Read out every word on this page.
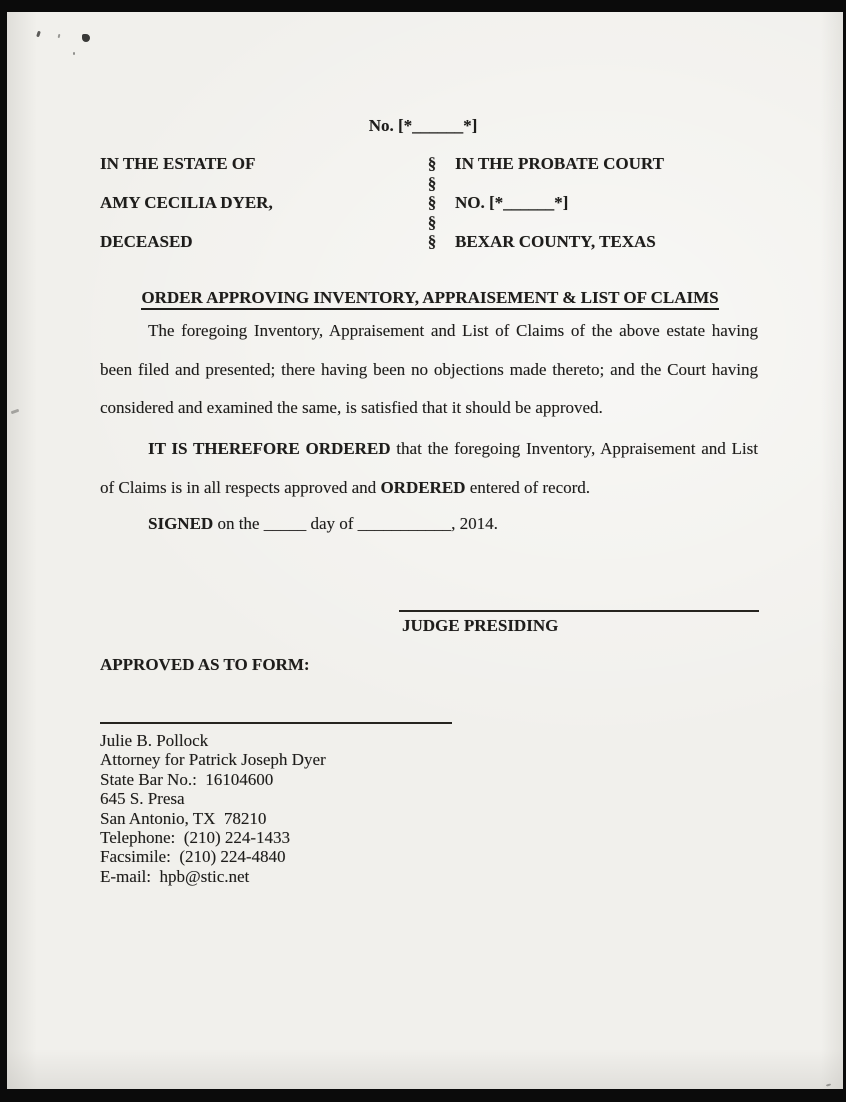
No. [*______*]
IN THE ESTATE OF
AMY CECILIA DYER,
DECEASED
§
§
§
§
§
IN THE PROBATE COURT
NO. [*______*]
BEXAR COUNTY, TEXAS
ORDER APPROVING INVENTORY, APPRAISEMENT & LIST OF CLAIMS
The foregoing Inventory, Appraisement and List of Claims of the above estate having been filed and presented; there having been no objections made thereto; and the Court having considered and examined the same, is satisfied that it should be approved.
IT IS THEREFORE ORDERED that the foregoing Inventory, Appraisement and List of Claims is in all respects approved and ORDERED entered of record.
SIGNED on the _____ day of ___________, 2014.
JUDGE PRESIDING
APPROVED AS TO FORM:
Julie B. Pollock
Attorney for Patrick Joseph Dyer
State Bar No.:  16104600
645 S. Presa
San Antonio, TX  78210
Telephone:  (210) 224-1433
Facsimile:  (210) 224-4840
E-mail:  hpb@stic.net
